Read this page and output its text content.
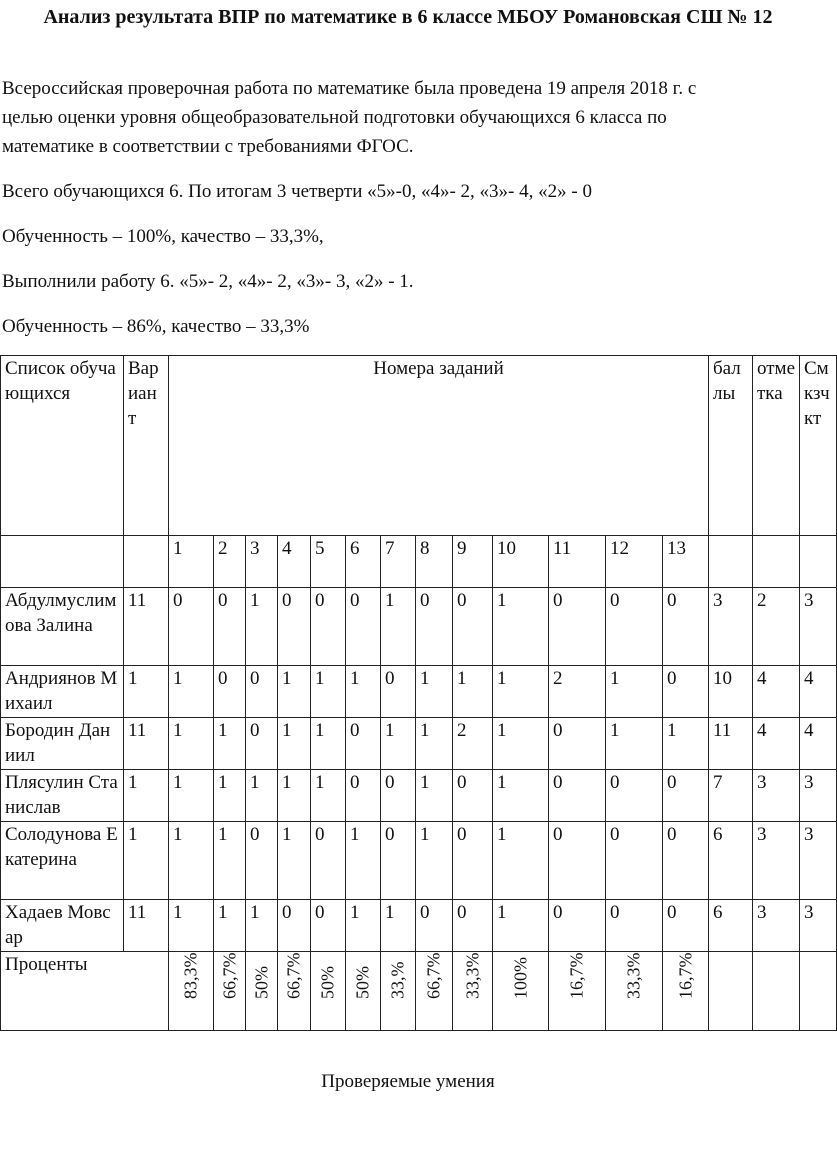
Анализ результата ВПР по математике в 6 классе МБОУ Романовская СШ № 12
Всероссийская проверочная работа по математике была проведена 19 апреля 2018 г. с
целью оценки уровня общеобразовательной подготовки обучающихся 6 класса по
математике в соответствии с требованиями ФГОС.
Всего обучающихся 6. По итогам 3 четверти «5»-0, «4»- 2, «3»- 4, «2» - 0
Обученность – 100%, качество – 33,3%,
Выполнили работу 6. «5»- 2, «4»- 2, «3»- 3, «2» - 1.
Обученность – 86%, качество – 33,3%
Список обучающихся	Вариант	Номера заданий													баллы	отметка	Cмкзчкт
		1	2	3	4	5	6	7	8	9	10	11	12	13			
Абдулмуслимова Залина	11	0	0	1	0	0	0	1	0	0	1	0	0	0	3	2	3
Андриянов Михаил	1	1	0	0	1	1	1	0	1	1	1	2	1	0	10	4	4
Бородин Даниил	11	1	1	0	1	1	0	1	1	2	1	0	1	1	11	4	4
Плясулин Станислав	1	1	1	1	1	1	0	0	1	0	1	0	0	0	7	3	3
Солодунова Екатерина	1	1	1	0	1	0	1	0	1	0	1	0	0	0	6	3	3
Хадаев Мовсар	11	1	1	1	0	0	1	1	0	0	1	0	0	0	6	3	3
Проценты		83,3%	66,7%	50%	66,7%	50%	50%	33,%	66,7%	33,3%	100%	16,7%	33,3%	16,7%			

Проверяемые умения
